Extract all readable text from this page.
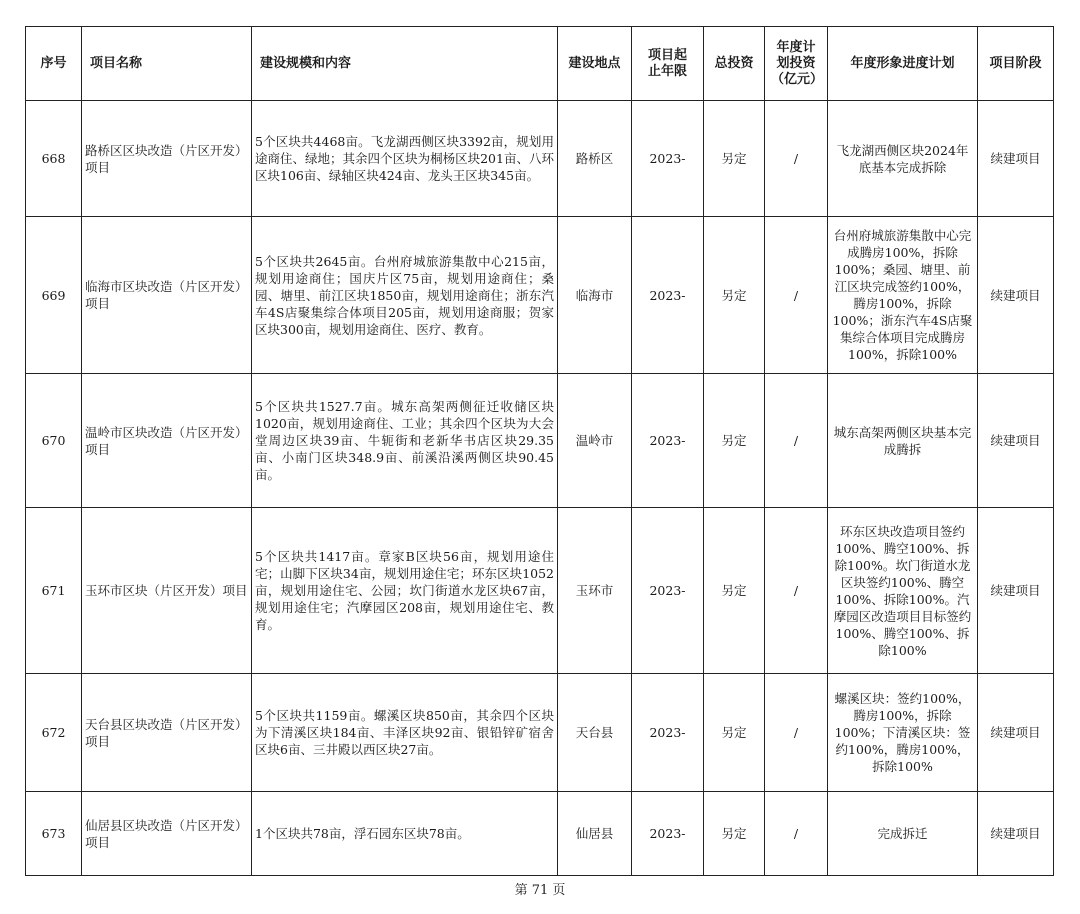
序号	项目名称	建设规模和内容	建设地点	项目起止年限	总投资	年度计划投资（亿元）	年度形象进度计划	项目阶段
668	路桥区区块改造（片区开发）项目	5个区块共4468亩。飞龙湖西侧区块3392亩，规划用途商住、绿地；其余四个区块为桐杨区块201亩、八环区块106亩、绿轴区块424亩、龙头王区块345亩。	路桥区	2023-	另定	/	飞龙湖西侧区块2024年底基本完成拆除	续建项目
669	临海市区块改造（片区开发）项目	5个区块共2645亩。台州府城旅游集散中心215亩，规划用途商住；国庆片区75亩，规划用途商住；桑园、塘里、前江区块1850亩，规划用途商住；浙东汽车4S店聚集综合体项目205亩，规划用途商服；贺家区块300亩，规划用途商住、医疗、教育。	临海市	2023-	另定	/	台州府城旅游集散中心完成腾房100%，拆除100%；桑园、塘里、前江区块完成签约100%，腾房100%，拆除100%；浙东汽车4S店聚集综合体项目完成腾房100%，拆除100%	续建项目
670	温岭市区块改造（片区开发）项目	5个区块共1527.7亩。城东高架两侧征迁收储区块1020亩，规划用途商住、工业；其余四个区块为大会堂周边区块39亩、牛轭街和老新华书店区块29.35亩、小南门区块348.9亩、前溪沿溪两侧区块90.45亩。	温岭市	2023-	另定	/	城东高架两侧区块基本完成腾拆	续建项目
671	玉环市区块（片区开发）项目	5个区块共1417亩。章家B区块56亩，规划用途住宅；山脚下区块34亩，规划用途住宅；环东区块1052亩，规划用途住宅、公园；坎门街道水龙区块67亩，规划用途住宅；汽摩园区208亩，规划用途住宅、教育。	玉环市	2023-	另定	/	环东区块改造项目签约100%、腾空100%、拆除100%。坎门街道水龙区块签约100%、腾空100%、拆除100%。汽摩园区改造项目目标签约100%、腾空100%、拆除100%	续建项目
672	天台县区块改造（片区开发）项目	5个区块共1159亩。螺溪区块850亩，其余四个区块为下清溪区块184亩、丰泽区块92亩、银铅锌矿宿舍区块6亩、三井殿以西区块27亩。	天台县	2023-	另定	/	螺溪区块：签约100%，腾房100%，拆除100%；下清溪区块：签约100%，腾房100%，拆除100%	续建项目
673	仙居县区块改造（片区开发）项目	1个区块共78亩，浮石园东区块78亩。	仙居县	2023-	另定	/	完成拆迁	续建项目
第 71 页
